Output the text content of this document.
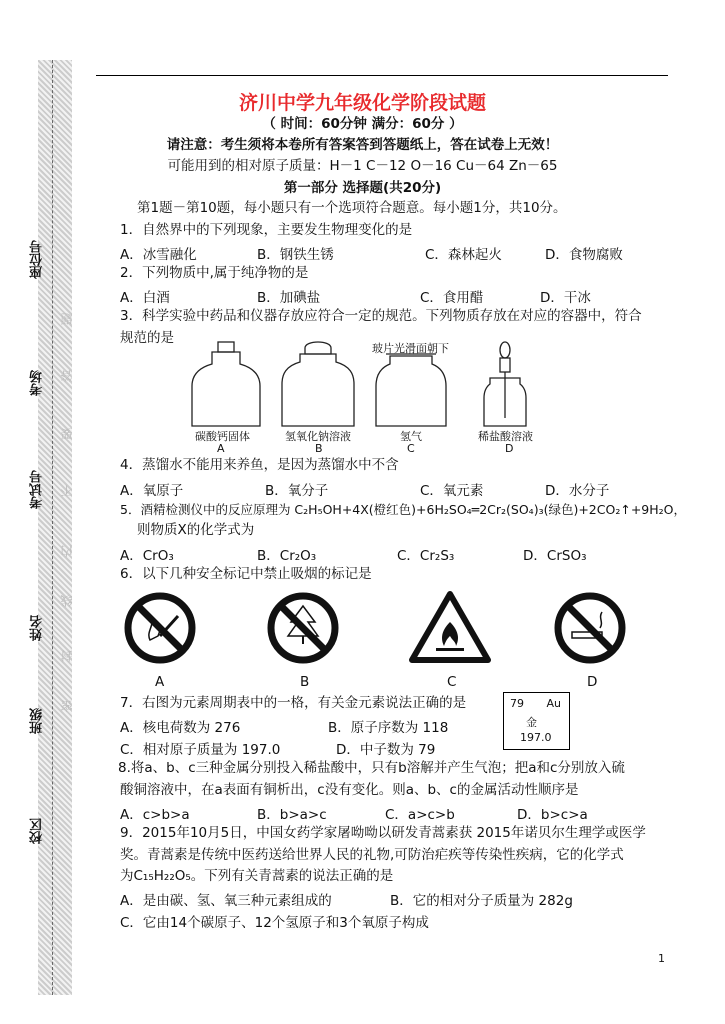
座位号
考场
考试号
姓名
班级
校区
题
答
要
不
内
线
封
密
济川中学九年级化学阶段试题
（ 时间：60分钟 满分：60分 ）
请注意：考生须将本卷所有答案答到答题纸上，答在试卷上无效！
可能用到的相对原子质量：H－1 C－12 O－16 Cu－64 Zn－65
第一部分 选择题(共20分)
第1题－第10题，每小题只有一个选项符合题意。每小题1分，共10分。
1．自然界中的下列现象，主要发生物理变化的是
A．冰雪融化	B．钢铁生锈	C．森林起火	D．食物腐败
2．下列物质中,属于纯净物的是
A．白酒	B．加碘盐	C．食用醋	D．干冰
3．科学实验中药品和仪器存放应符合一定的规范。下列物质存放在对应的容器中，符合
规范的是
玻片光滑面朝下
碳酸钙固体	氢氧化钠溶液	氢气	稀盐酸溶液
A	B	C	D
4．蒸馏水不能用来养鱼，是因为蒸馏水中不含
A．氧原子	B．氧分子	C．氧元素	D．水分子
5．酒精检测仪中的反应原理为 C₂H₅OH+4X(橙红色)+6H₂SO₄═2Cr₂(SO₄)₃(绿色)+2CO₂↑+9H₂O，
则物质X的化学式为
A．CrO₃	B．Cr₂O₃	C．Cr₂S₃	D．CrSO₃
6．以下几种安全标记中禁止吸烟的标记是
A	B	C	D
7．右图为元素周期表中的一格，有关金元素说法正确的是
A．核电荷数为 276	B．原子序数为 118
C．相对原子质量为 197.0	D．中子数为 79
79 Au
金
197.0
8.将a、b、c三种金属分别投入稀盐酸中，只有b溶解并产生气泡；把a和c分别放入硫
酸铜溶液中，在a表面有铜析出，c没有变化。则a、b、c的金属活动性顺序是
A．c>b>a	B．b>a>c	C．a>c>b	D．b>c>a
9．2015年10月5日，中国女药学家屠呦呦以研发青蒿素获 2015年诺贝尔生理学或医学
奖。青蒿素是传统中医药送给世界人民的礼物,可防治疟疾等传染性疾病，它的化学式
为C₁₅H₂₂O₅。下列有关青蒿素的说法正确的是
A．是由碳、氢、氧三种元素组成的	B．它的相对分子质量为 282g
C．它由14个碳原子、12个氢原子和3个氧原子构成
1
